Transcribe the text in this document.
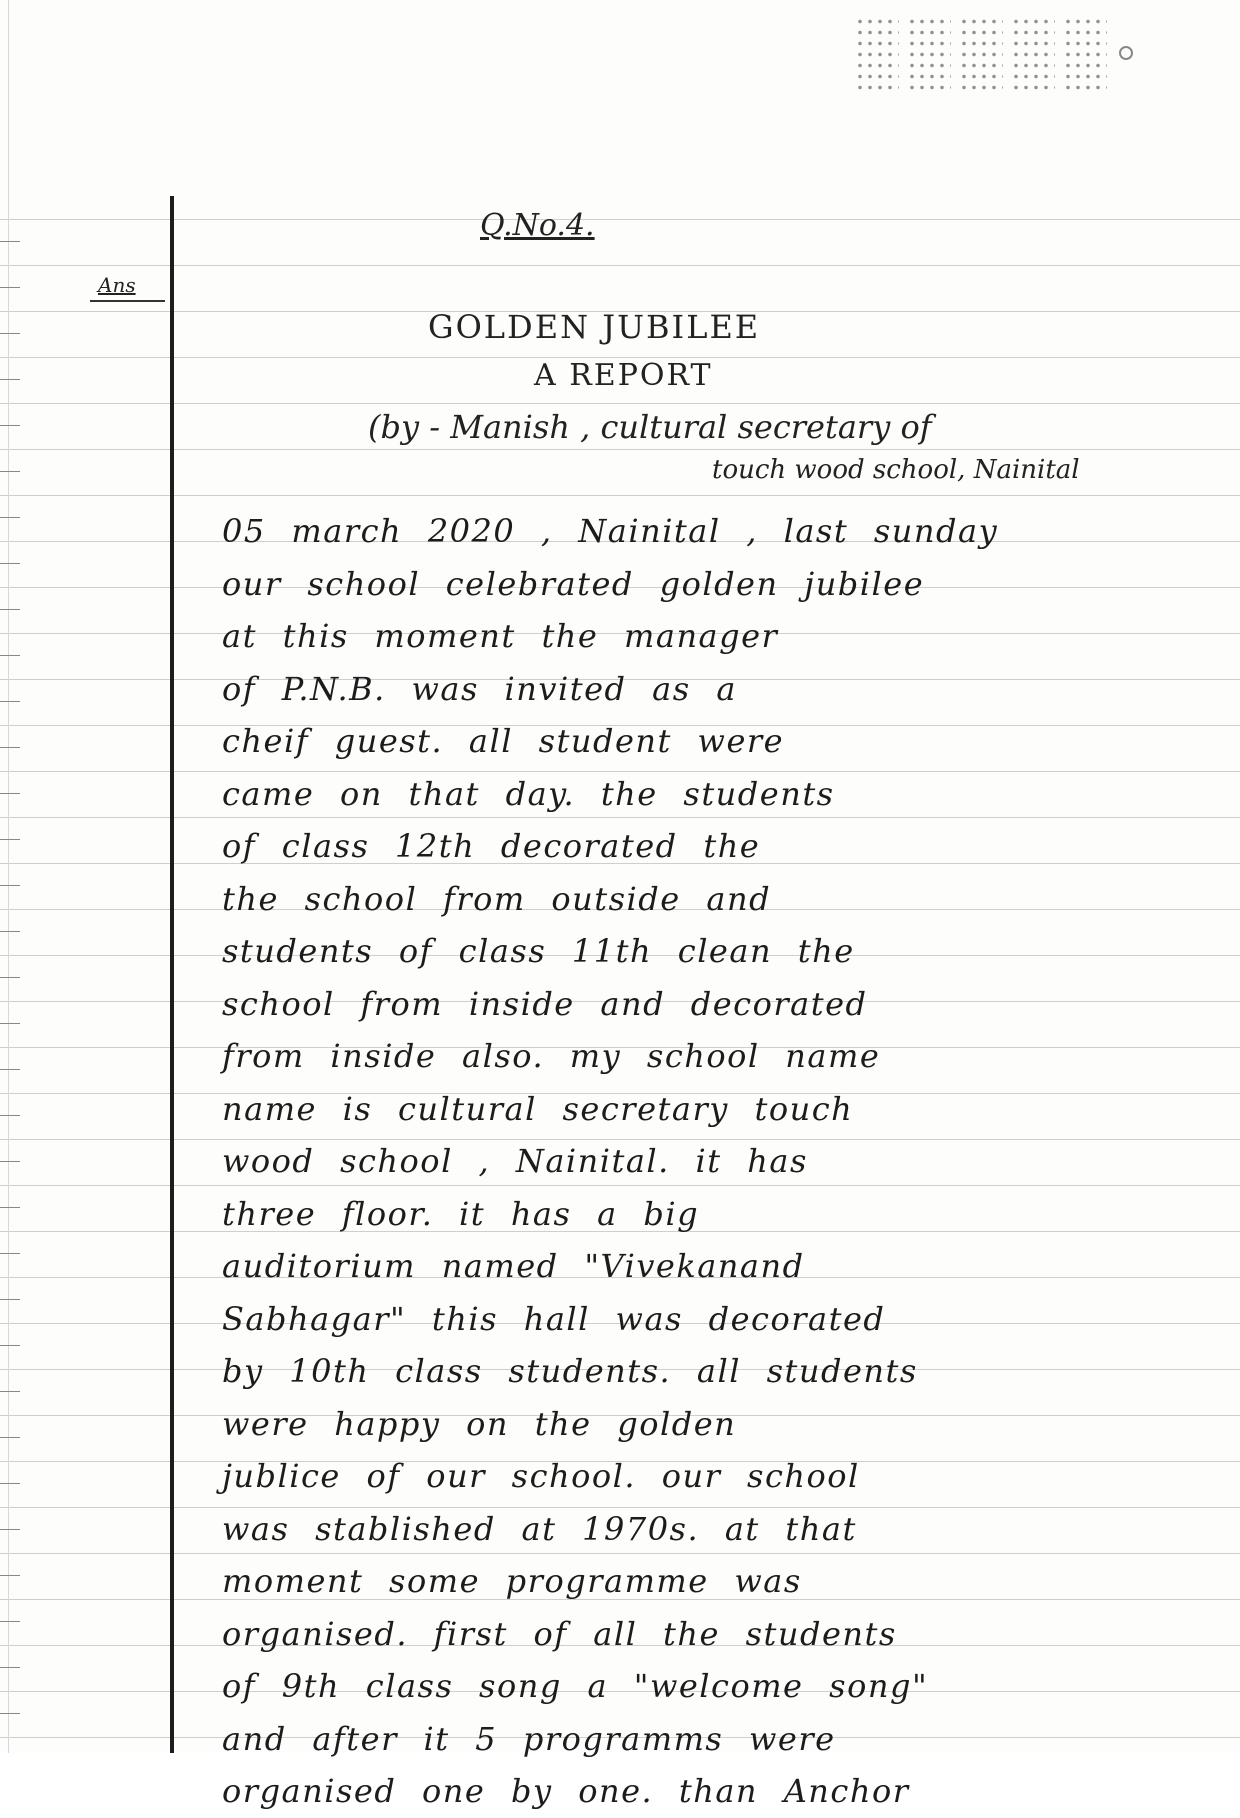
Q.No.4.
Ans
GOLDEN JUBILEE
A REPORT
(by - Manish , cultural secretary of
touch wood school, Nainital
05 march 2020 , Nainital , last sunday
our school celebrated golden jubilee
at this moment the manager
of P.N.B. was invited as a
cheif guest. all student were
came on that day. the students
of class 12th decorated the
the school from outside and
students of class 11th clean the
school from inside and decorated
from inside also. my school name
name is cultural secretary touch
wood school , Nainital. it has
three floor. it has a big
auditorium named "Vivekanand
Sabhagar" this hall was decorated
by 10th class students. all students
were happy on the golden
jublice of our school. our school
was stablished at 1970s. at that
moment some programme was
organised. first of all the students
of 9th class song a "welcome song"
and after it 5 programms were
organised one by one. than Anchor
